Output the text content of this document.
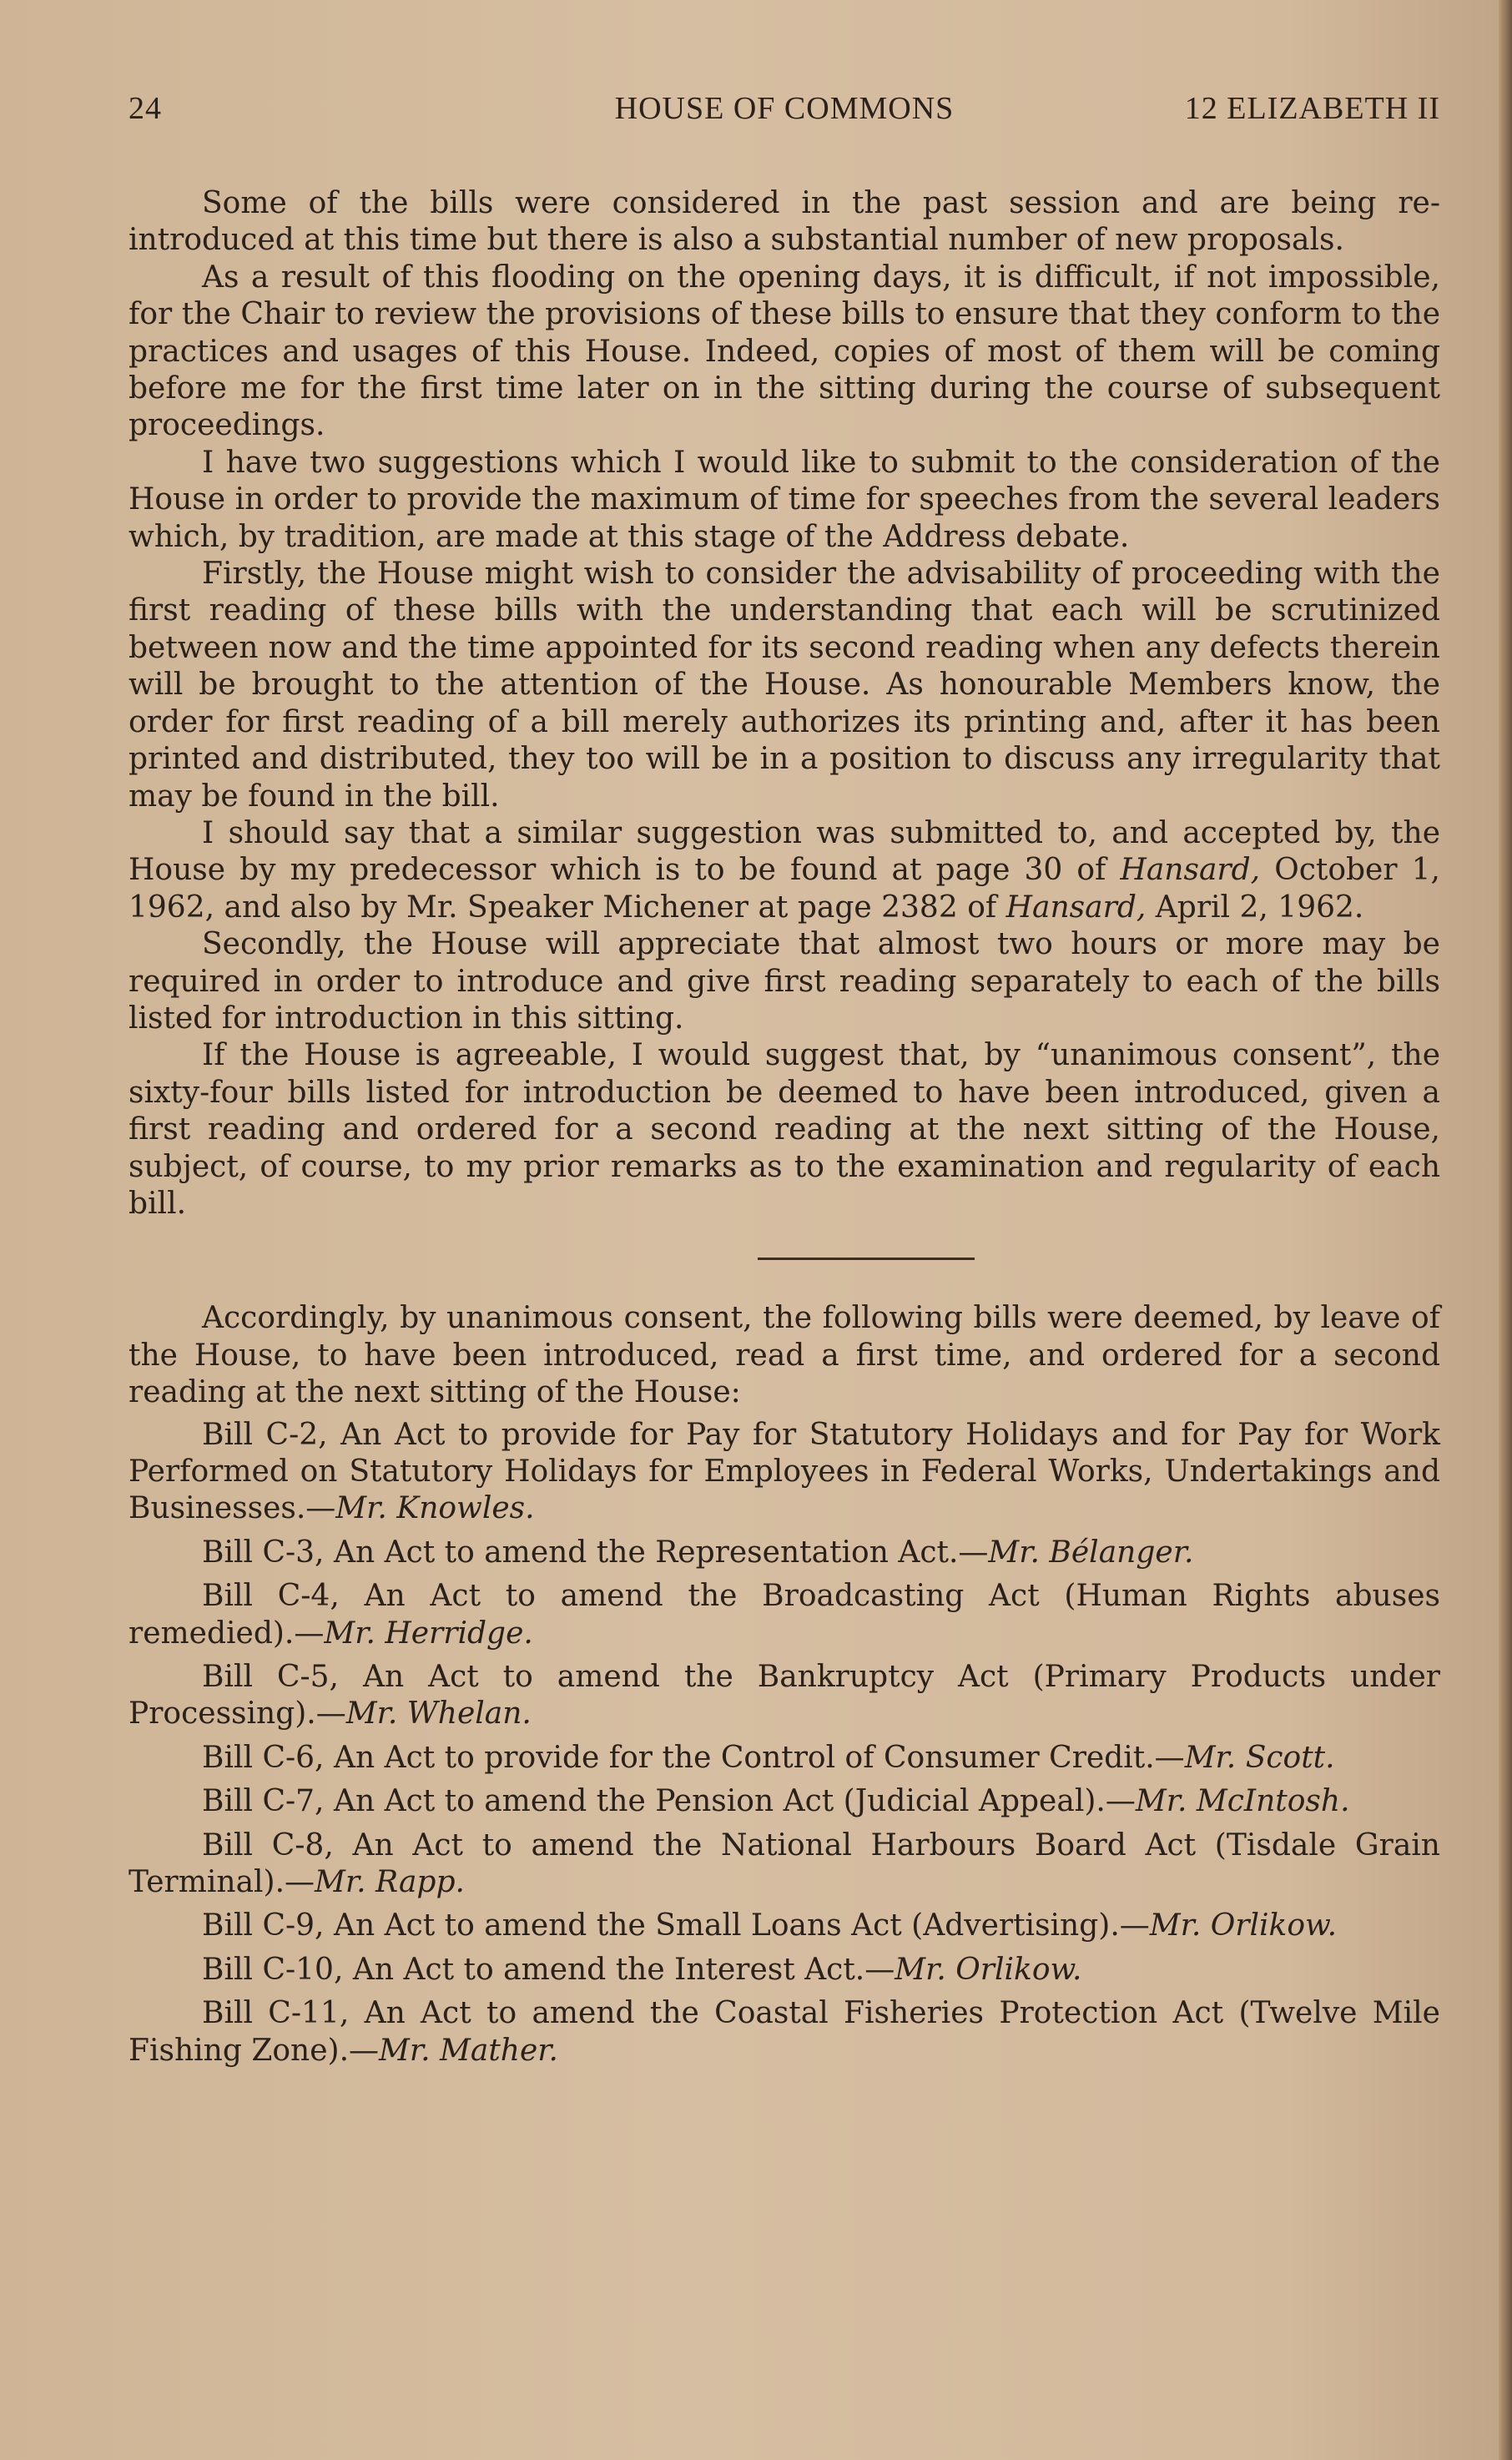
24	HOUSE OF COMMONS	12 ELIZABETH II

Some of the bills were considered in the past session and are being re-introduced at this time but there is also a substantial number of new proposals.

As a result of this flooding on the opening days, it is difficult, if not impossible, for the Chair to review the provisions of these bills to ensure that they conform to the practices and usages of this House. Indeed, copies of most of them will be coming before me for the first time later on in the sitting during the course of subsequent proceedings.

I have two suggestions which I would like to submit to the consideration of the House in order to provide the maximum of time for speeches from the several leaders which, by tradition, are made at this stage of the Address debate.

Firstly, the House might wish to consider the advisability of proceeding with the first reading of these bills with the understanding that each will be scrutinized between now and the time appointed for its second reading when any defects therein will be brought to the attention of the House. As honourable Members know, the order for first reading of a bill merely authorizes its printing and, after it has been printed and distributed, they too will be in a position to discuss any irregularity that may be found in the bill.

I should say that a similar suggestion was submitted to, and accepted by, the House by my predecessor which is to be found at page 30 of Hansard, October 1, 1962, and also by Mr. Speaker Michener at page 2382 of Hansard, April 2, 1962.

Secondly, the House will appreciate that almost two hours or more may be required in order to introduce and give first reading separately to each of the bills listed for introduction in this sitting.

If the House is agreeable, I would suggest that, by “unanimous consent”, the sixty-four bills listed for introduction be deemed to have been introduced, given a first reading and ordered for a second reading at the next sitting of the House, subject, of course, to my prior remarks as to the examination and regularity of each bill.

Accordingly, by unanimous consent, the following bills were deemed, by leave of the House, to have been introduced, read a first time, and ordered for a second reading at the next sitting of the House:

Bill C-2, An Act to provide for Pay for Statutory Holidays and for Pay for Work Performed on Statutory Holidays for Employees in Federal Works, Undertakings and Businesses.—Mr. Knowles.

Bill C-3, An Act to amend the Representation Act.—Mr. Bélanger.

Bill C-4, An Act to amend the Broadcasting Act (Human Rights abuses remedied).—Mr. Herridge.

Bill C-5, An Act to amend the Bankruptcy Act (Primary Products under Processing).—Mr. Whelan.

Bill C-6, An Act to provide for the Control of Consumer Credit.—Mr. Scott.

Bill C-7, An Act to amend the Pension Act (Judicial Appeal).—Mr. McIntosh.

Bill C-8, An Act to amend the National Harbours Board Act (Tisdale Grain Terminal).—Mr. Rapp.

Bill C-9, An Act to amend the Small Loans Act (Advertising).—Mr. Orlikow.

Bill C-10, An Act to amend the Interest Act.—Mr. Orlikow.

Bill C-11, An Act to amend the Coastal Fisheries Protection Act (Twelve Mile Fishing Zone).—Mr. Mather.
